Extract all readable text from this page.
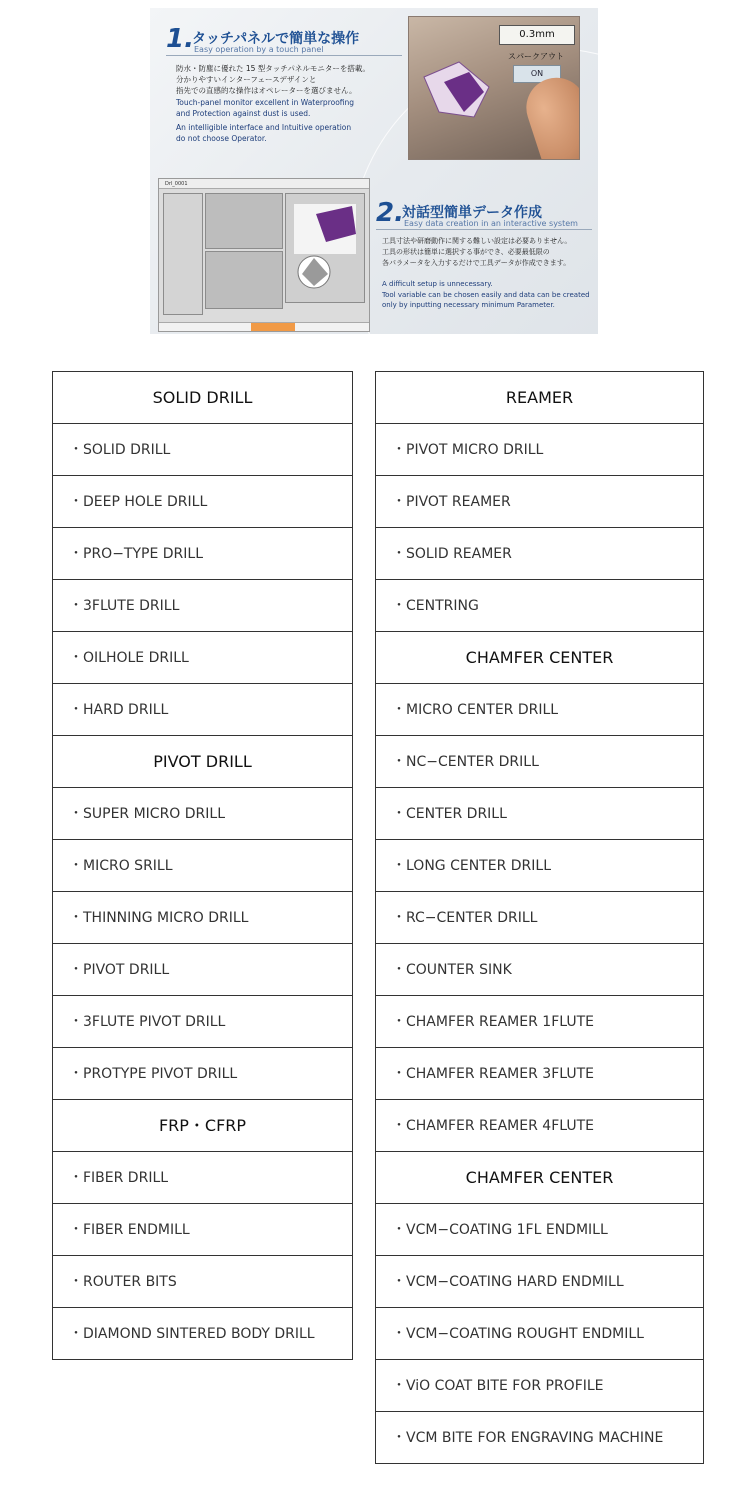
1.
タッチパネルで簡単な操作
Easy operation by a touch panel
防水・防塵に優れた 15 型タッチパネルモニターを搭載。
分かりやすいインターフェースデザインと
指先での直感的な操作はオペレーターを選びません。
Touch-panel monitor excellent in Waterproofing
and Protection against dust is used.
An intelligible interface and Intuitive operation
do not choose Operator.
0.3mm
スパークアウト
ON
Drl_0001
2.
対話型簡単データ作成
Easy data creation in an interactive system
工具寸法や研磨動作に関する難しい設定は必要ありません。
工具の形状は簡単に選択する事ができ、必要最低限の
各パラメータを入力するだけで工具データが作成できます。
A difficult setup is unnecessary.
Tool variable can be chosen easily and data can be created
only by inputting necessary minimum Parameter.
SOLID DRILL
・SOLID DRILL
・DEEP HOLE DRILL
・PRO−TYPE DRILL
・3FLUTE DRILL
・OILHOLE DRILL
・HARD DRILL
PIVOT DRILL
・SUPER MICRO DRILL
・MICRO SRILL
・THINNING MICRO DRILL
・PIVOT DRILL
・3FLUTE PIVOT DRILL
・PROTYPE PIVOT DRILL
FRP・CFRP
・FIBER DRILL
・FIBER ENDMILL
・ROUTER BITS
・DIAMOND SINTERED BODY DRILL
REAMER
・PIVOT MICRO DRILL
・PIVOT REAMER
・SOLID REAMER
・CENTRING
CHAMFER CENTER
・MICRO CENTER DRILL
・NC−CENTER DRILL
・CENTER DRILL
・LONG CENTER DRILL
・RC−CENTER DRILL
・COUNTER SINK
・CHAMFER REAMER 1FLUTE
・CHAMFER REAMER 3FLUTE
・CHAMFER REAMER 4FLUTE
CHAMFER CENTER
・VCM−COATING 1FL ENDMILL
・VCM−COATING HARD ENDMILL
・VCM−COATING ROUGHT ENDMILL
・ViO COAT BITE FOR PROFILE
・VCM BITE FOR ENGRAVING MACHINE
